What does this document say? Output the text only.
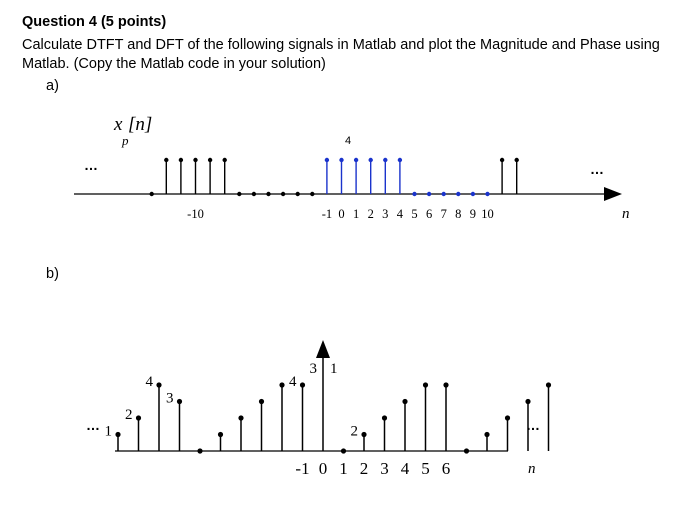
Question 4 (5 points)
Calculate DTFT and DFT of the following signals in Matlab and plot the Magnitude and Phase using
Matlab. (Copy the Matlab code in your solution)
a)
b)
x
p
[n]
4
…	…
n
-10	-1 0 1 2 3 4 5 6 7 8 9 10
…	…
n
1
2
4
3
4
3 1
2
-1 0 1 2 3 4 5 6
